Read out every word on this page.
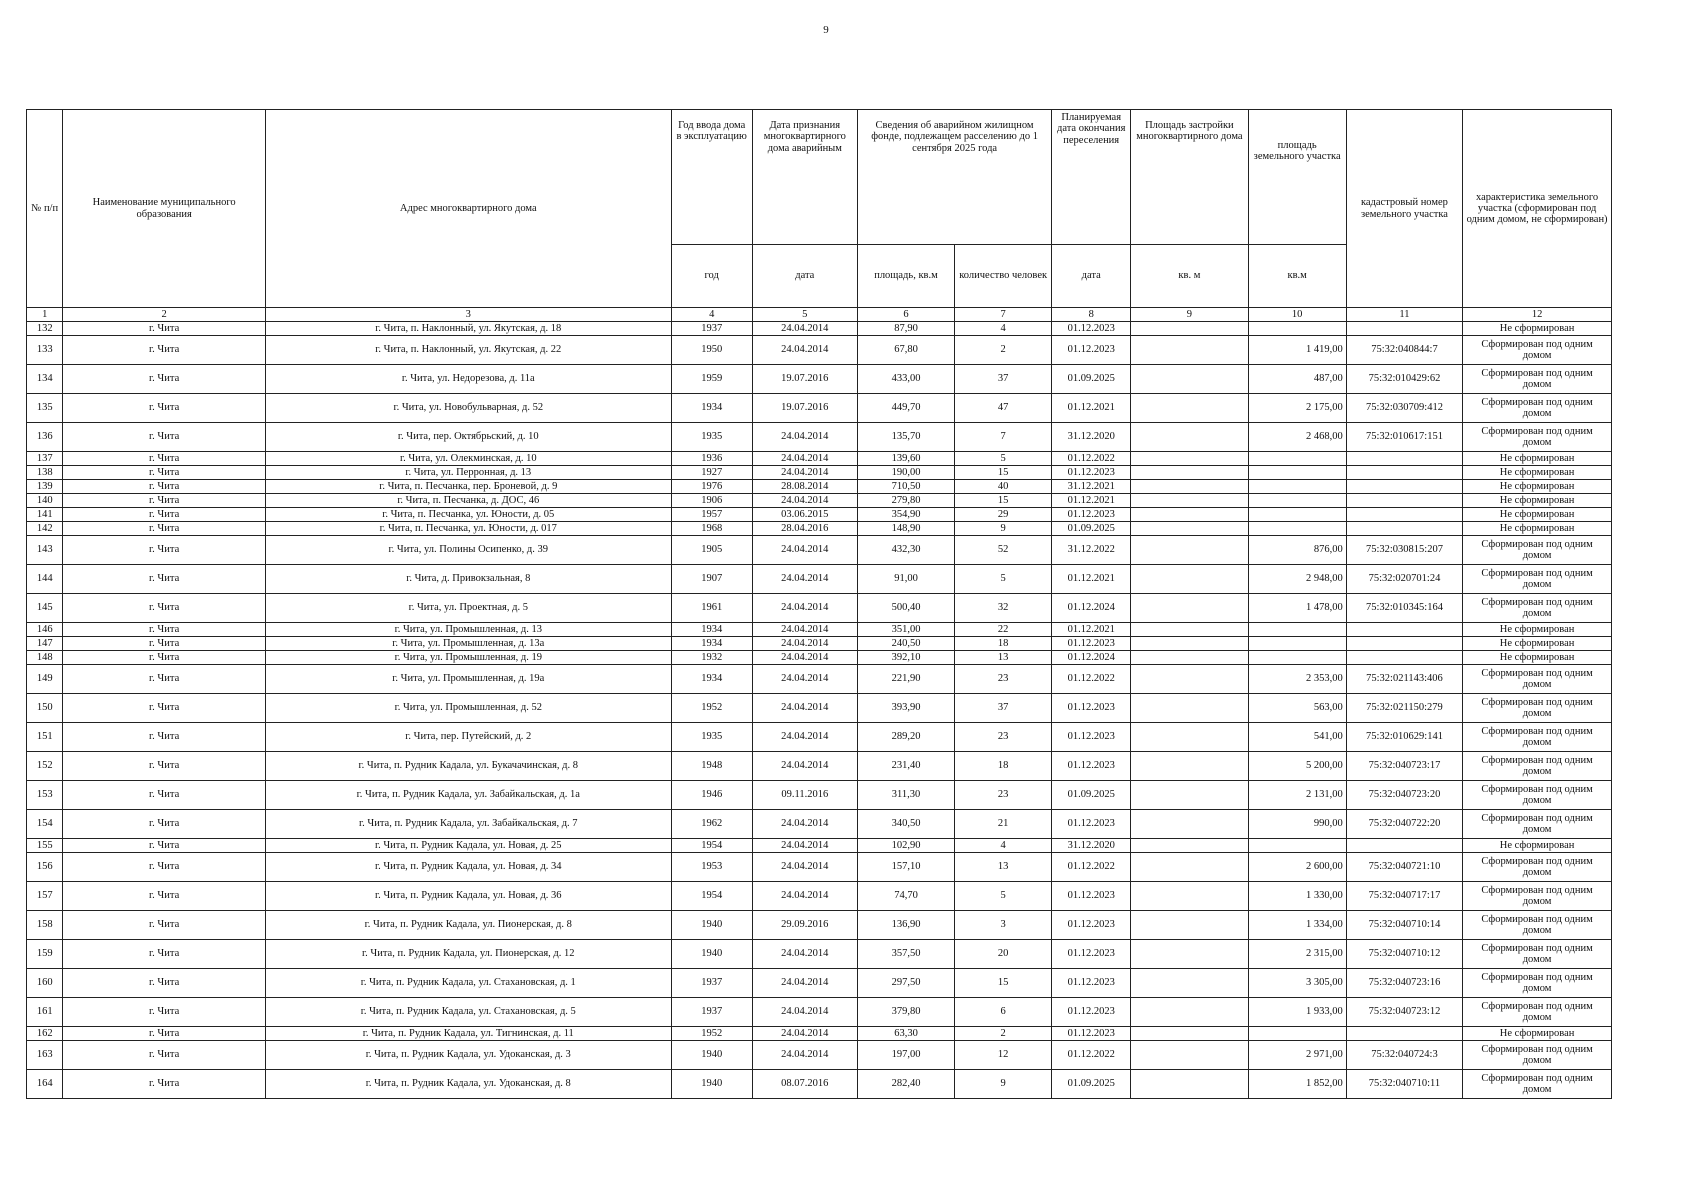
9
№ п/п	Наименование муниципального образования	Адрес многоквартирного дома	Год ввода дома в эксплуатацию	Дата признания многоквартирного дома аварийным	Сведения об аварийном жилищном фонде, подлежащем расселению до 1 сентября 2025 года		Планируемая дата окончания переселения	Площадь застройки многоквартирного дома	площадь земельного участка	кадастровый номер земельного участка	характеристика земельного участка (сформирован под одним домом, не сформирован)
			год	дата	площадь, кв.м	количество человек	дата	кв. м	кв.м		
1	2	3	4	5	6	7	8	9	10	11	12
132	г. Чита	г. Чита, п. Наклонный, ул. Якутская, д. 18	1937	24.04.2014	87,90	4	01.12.2023				Не сформирован
133	г. Чита	г. Чита, п. Наклонный, ул. Якутская, д. 22	1950	24.04.2014	67,80	2	01.12.2023		1 419,00	75:32:040844:7	Сформирован под одним домом
134	г. Чита	г. Чита, ул. Недорезова, д. 11а	1959	19.07.2016	433,00	37	01.09.2025		487,00	75:32:010429:62	Сформирован под одним домом
135	г. Чита	г. Чита, ул. Новобульварная, д. 52	1934	19.07.2016	449,70	47	01.12.2021		2 175,00	75:32:030709:412	Сформирован под одним домом
136	г. Чита	г. Чита, пер. Октябрьский, д. 10	1935	24.04.2014	135,70	7	31.12.2020		2 468,00	75:32:010617:151	Сформирован под одним домом
137	г. Чита	г. Чита, ул. Олекминская, д. 10	1936	24.04.2014	139,60	5	01.12.2022				Не сформирован
138	г. Чита	г. Чита, ул. Перронная, д. 13	1927	24.04.2014	190,00	15	01.12.2023				Не сформирован
139	г. Чита	г. Чита, п. Песчанка, пер. Броневой, д. 9	1976	28.08.2014	710,50	40	31.12.2021				Не сформирован
140	г. Чита	г. Чита, п. Песчанка, д. ДОС, 46	1906	24.04.2014	279,80	15	01.12.2021				Не сформирован
141	г. Чита	г. Чита, п. Песчанка, ул. Юности, д. 05	1957	03.06.2015	354,90	29	01.12.2023				Не сформирован
142	г. Чита	г. Чита, п. Песчанка, ул. Юности, д. 017	1968	28.04.2016	148,90	9	01.09.2025				Не сформирован
143	г. Чита	г. Чита, ул. Полины Осипенко, д. 39	1905	24.04.2014	432,30	52	31.12.2022		876,00	75:32:030815:207	Сформирован под одним домом
144	г. Чита	г. Чита, д. Привокзальная, 8	1907	24.04.2014	91,00	5	01.12.2021		2 948,00	75:32:020701:24	Сформирован под одним домом
145	г. Чита	г. Чита, ул. Проектная, д. 5	1961	24.04.2014	500,40	32	01.12.2024		1 478,00	75:32:010345:164	Сформирован под одним домом
146	г. Чита	г. Чита, ул. Промышленная, д. 13	1934	24.04.2014	351,00	22	01.12.2021				Не сформирован
147	г. Чита	г. Чита, ул. Промышленная, д. 13а	1934	24.04.2014	240,50	18	01.12.2023				Не сформирован
148	г. Чита	г. Чита, ул. Промышленная, д. 19	1932	24.04.2014	392,10	13	01.12.2024				Не сформирован
149	г. Чита	г. Чита, ул. Промышленная, д. 19а	1934	24.04.2014	221,90	23	01.12.2022		2 353,00	75:32:021143:406	Сформирован под одним домом
150	г. Чита	г. Чита, ул. Промышленная, д. 52	1952	24.04.2014	393,90	37	01.12.2023		563,00	75:32:021150:279	Сформирован под одним домом
151	г. Чита	г. Чита, пер. Путейский, д. 2	1935	24.04.2014	289,20	23	01.12.2023		541,00	75:32:010629:141	Сформирован под одним домом
152	г. Чита	г. Чита, п. Рудник Кадала, ул. Букачачинская, д. 8	1948	24.04.2014	231,40	18	01.12.2023		5 200,00	75:32:040723:17	Сформирован под одним домом
153	г. Чита	г. Чита, п. Рудник Кадала, ул. Забайкальская, д. 1а	1946	09.11.2016	311,30	23	01.09.2025		2 131,00	75:32:040723:20	Сформирован под одним домом
154	г. Чита	г. Чита, п. Рудник Кадала, ул. Забайкальская, д. 7	1962	24.04.2014	340,50	21	01.12.2023		990,00	75:32:040722:20	Сформирован под одним домом
155	г. Чита	г. Чита, п. Рудник Кадала, ул. Новая, д. 25	1954	24.04.2014	102,90	4	31.12.2020				Не сформирован
156	г. Чита	г. Чита, п. Рудник Кадала, ул. Новая, д. 34	1953	24.04.2014	157,10	13	01.12.2022		2 600,00	75:32:040721:10	Сформирован под одним домом
157	г. Чита	г. Чита, п. Рудник Кадала, ул. Новая, д. 36	1954	24.04.2014	74,70	5	01.12.2023		1 330,00	75:32:040717:17	Сформирован под одним домом
158	г. Чита	г. Чита, п. Рудник Кадала, ул. Пионерская, д. 8	1940	29.09.2016	136,90	3	01.12.2023		1 334,00	75:32:040710:14	Сформирован под одним домом
159	г. Чита	г. Чита, п. Рудник Кадала, ул. Пионерская, д. 12	1940	24.04.2014	357,50	20	01.12.2023		2 315,00	75:32:040710:12	Сформирован под одним домом
160	г. Чита	г. Чита, п. Рудник Кадала, ул. Стахановская, д. 1	1937	24.04.2014	297,50	15	01.12.2023		3 305,00	75:32:040723:16	Сформирован под одним домом
161	г. Чита	г. Чита, п. Рудник Кадала, ул. Стахановская, д. 5	1937	24.04.2014	379,80	6	01.12.2023		1 933,00	75:32:040723:12	Сформирован под одним домом
162	г. Чита	г. Чита, п. Рудник Кадала, ул. Тигнинская, д. 11	1952	24.04.2014	63,30	2	01.12.2023				Не сформирован
163	г. Чита	г. Чита, п. Рудник Кадала, ул. Удоканская, д. 3	1940	24.04.2014	197,00	12	01.12.2022		2 971,00	75:32:040724:3	Сформирован под одним домом
164	г. Чита	г. Чита, п. Рудник Кадала, ул. Удоканская, д. 8	1940	08.07.2016	282,40	9	01.09.2025		1 852,00	75:32:040710:11	Сформирован под одним домом
